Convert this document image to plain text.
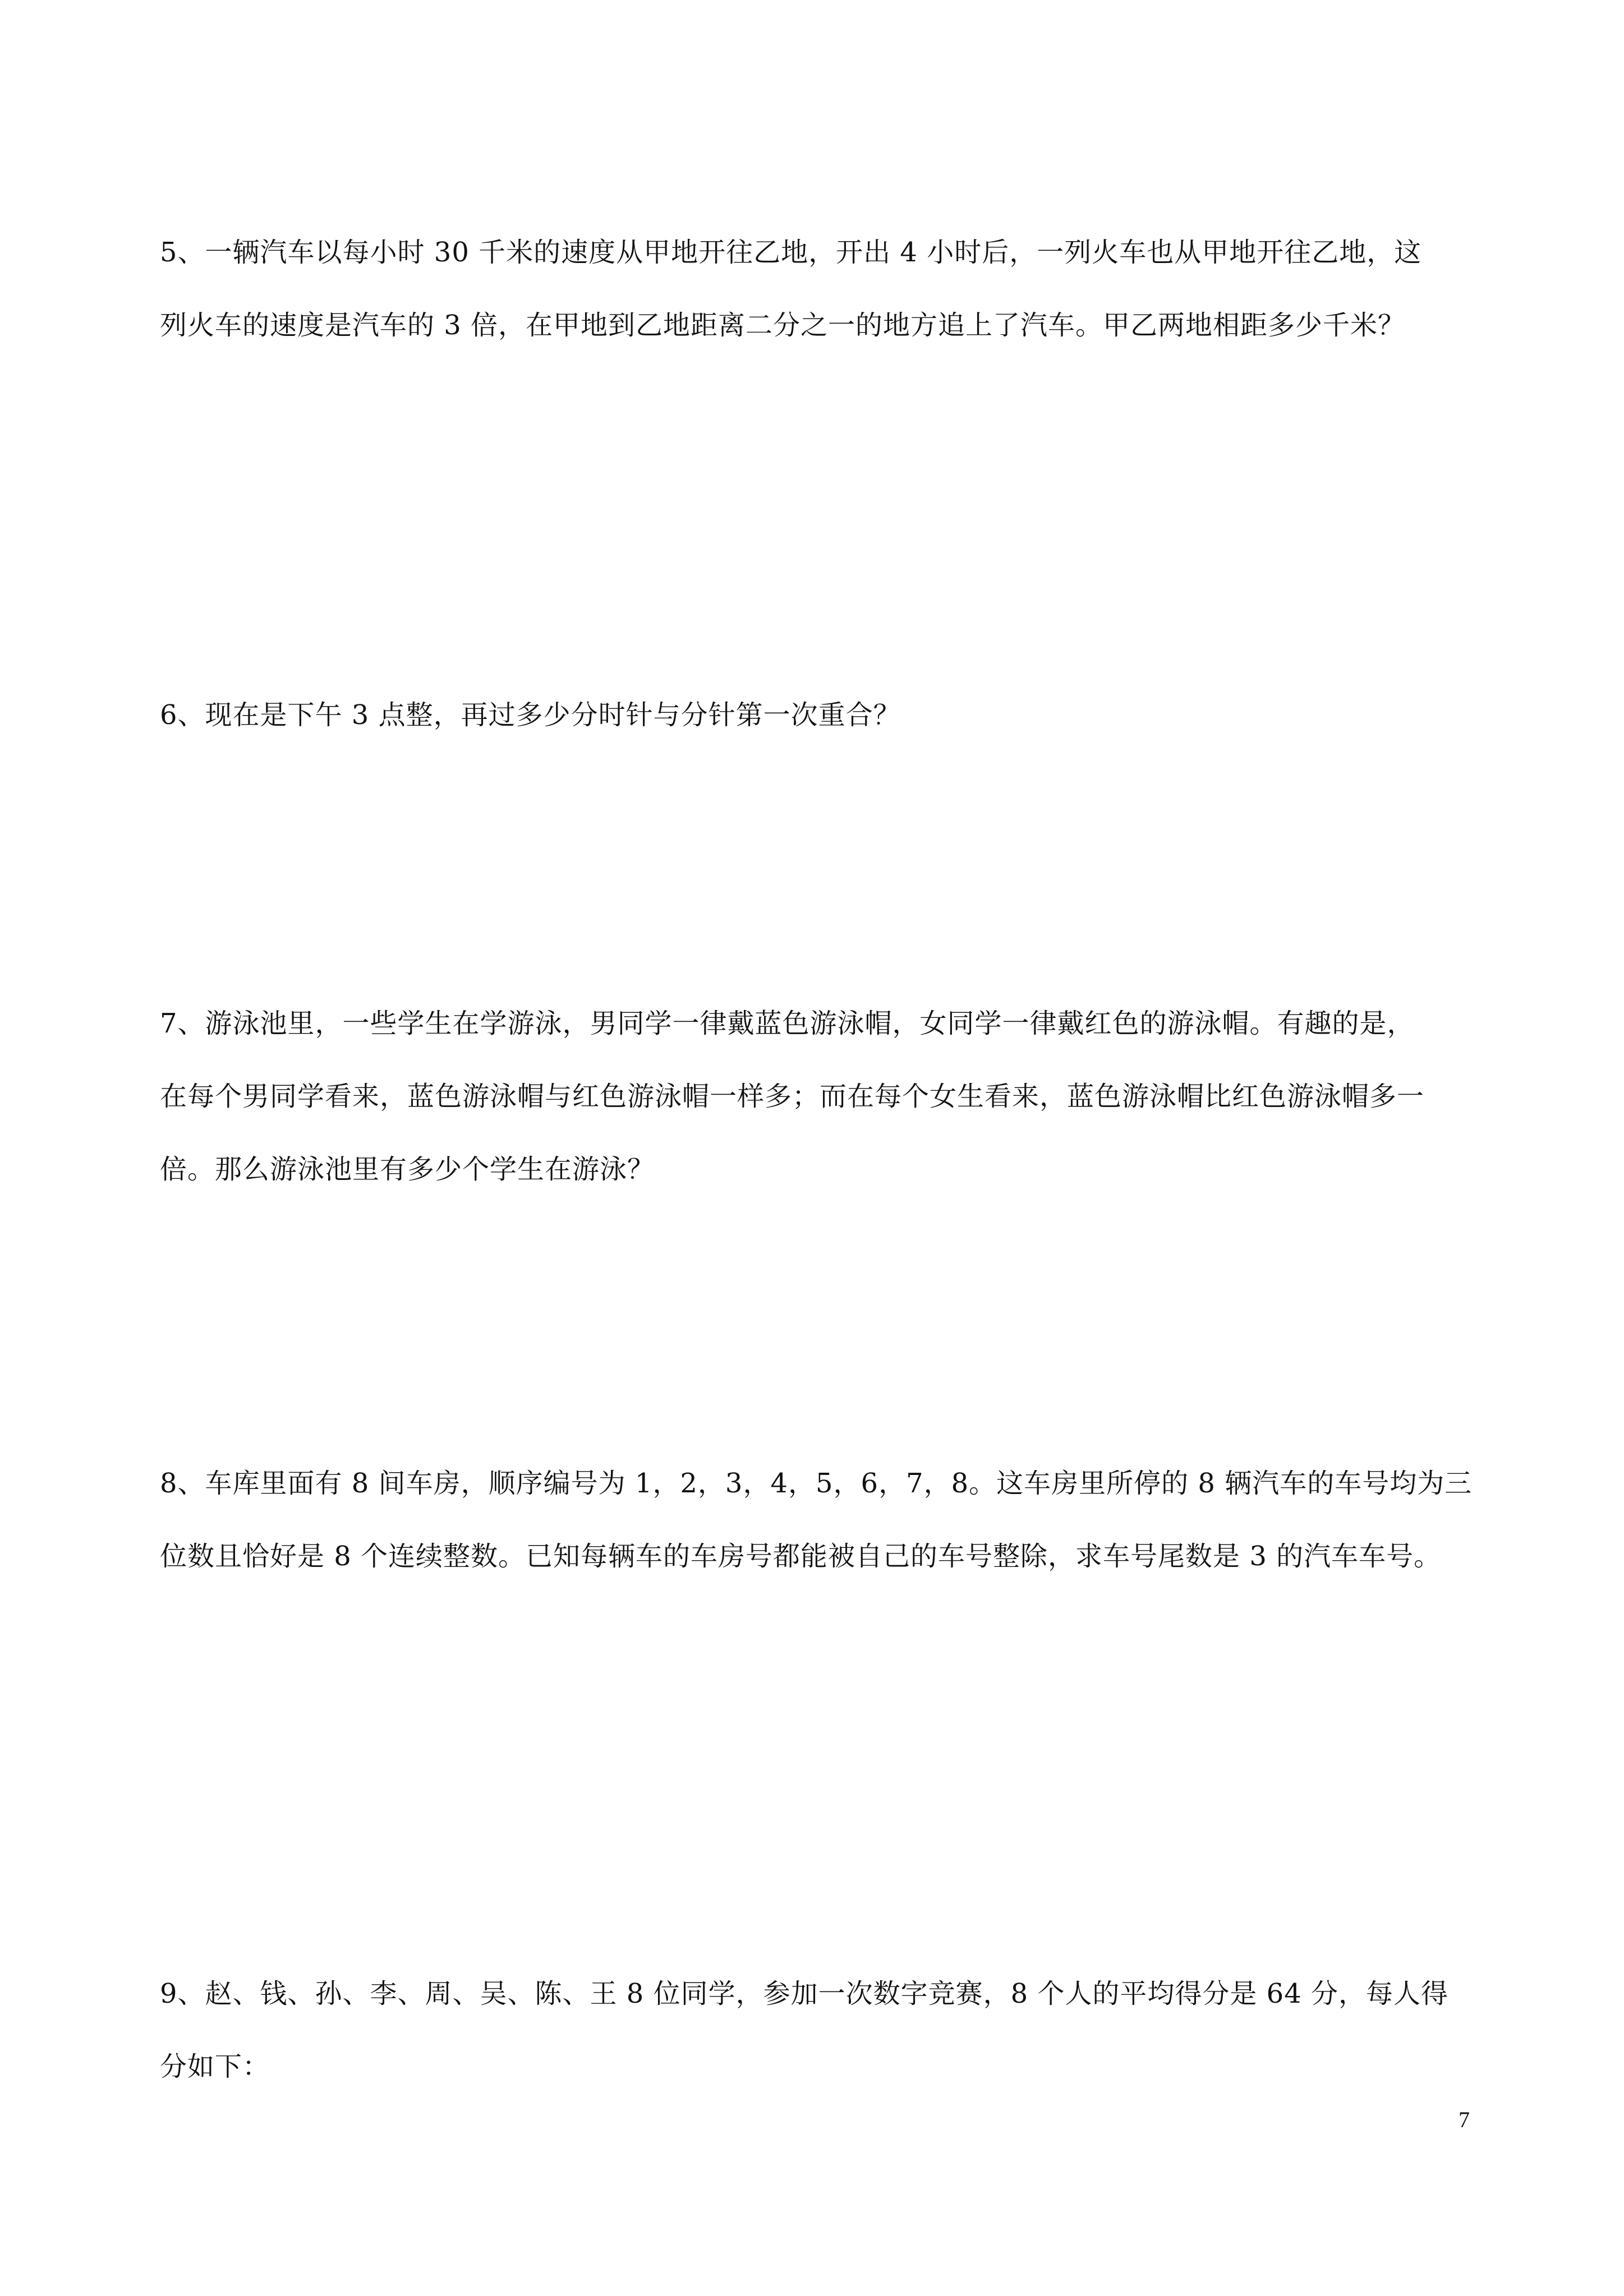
5、一辆汽车以每小时 30 千米的速度从甲地开往乙地，开出 4 小时后，一列火车也从甲地开往乙地，这

列火车的速度是汽车的 3 倍，在甲地到乙地距离二分之一的地方追上了汽车。甲乙两地相距多少千米？

6、现在是下午 3 点整，再过多少分时针与分针第一次重合？

7、游泳池里，一些学生在学游泳，男同学一律戴蓝色游泳帽，女同学一律戴红色的游泳帽。有趣的是，

在每个男同学看来，蓝色游泳帽与红色游泳帽一样多；而在每个女生看来，蓝色游泳帽比红色游泳帽多一

倍。那么游泳池里有多少个学生在游泳？

8、车库里面有 8 间车房，顺序编号为 1，2，3，4，5，6，7，8。这车房里所停的 8 辆汽车的车号均为三

位数且恰好是 8 个连续整数。已知每辆车的车房号都能被自己的车号整除，求车号尾数是 3 的汽车车号。

9、赵、钱、孙、李、周、吴、陈、王 8 位同学，参加一次数字竞赛，8 个人的平均得分是 64 分，每人得

分如下：

7
